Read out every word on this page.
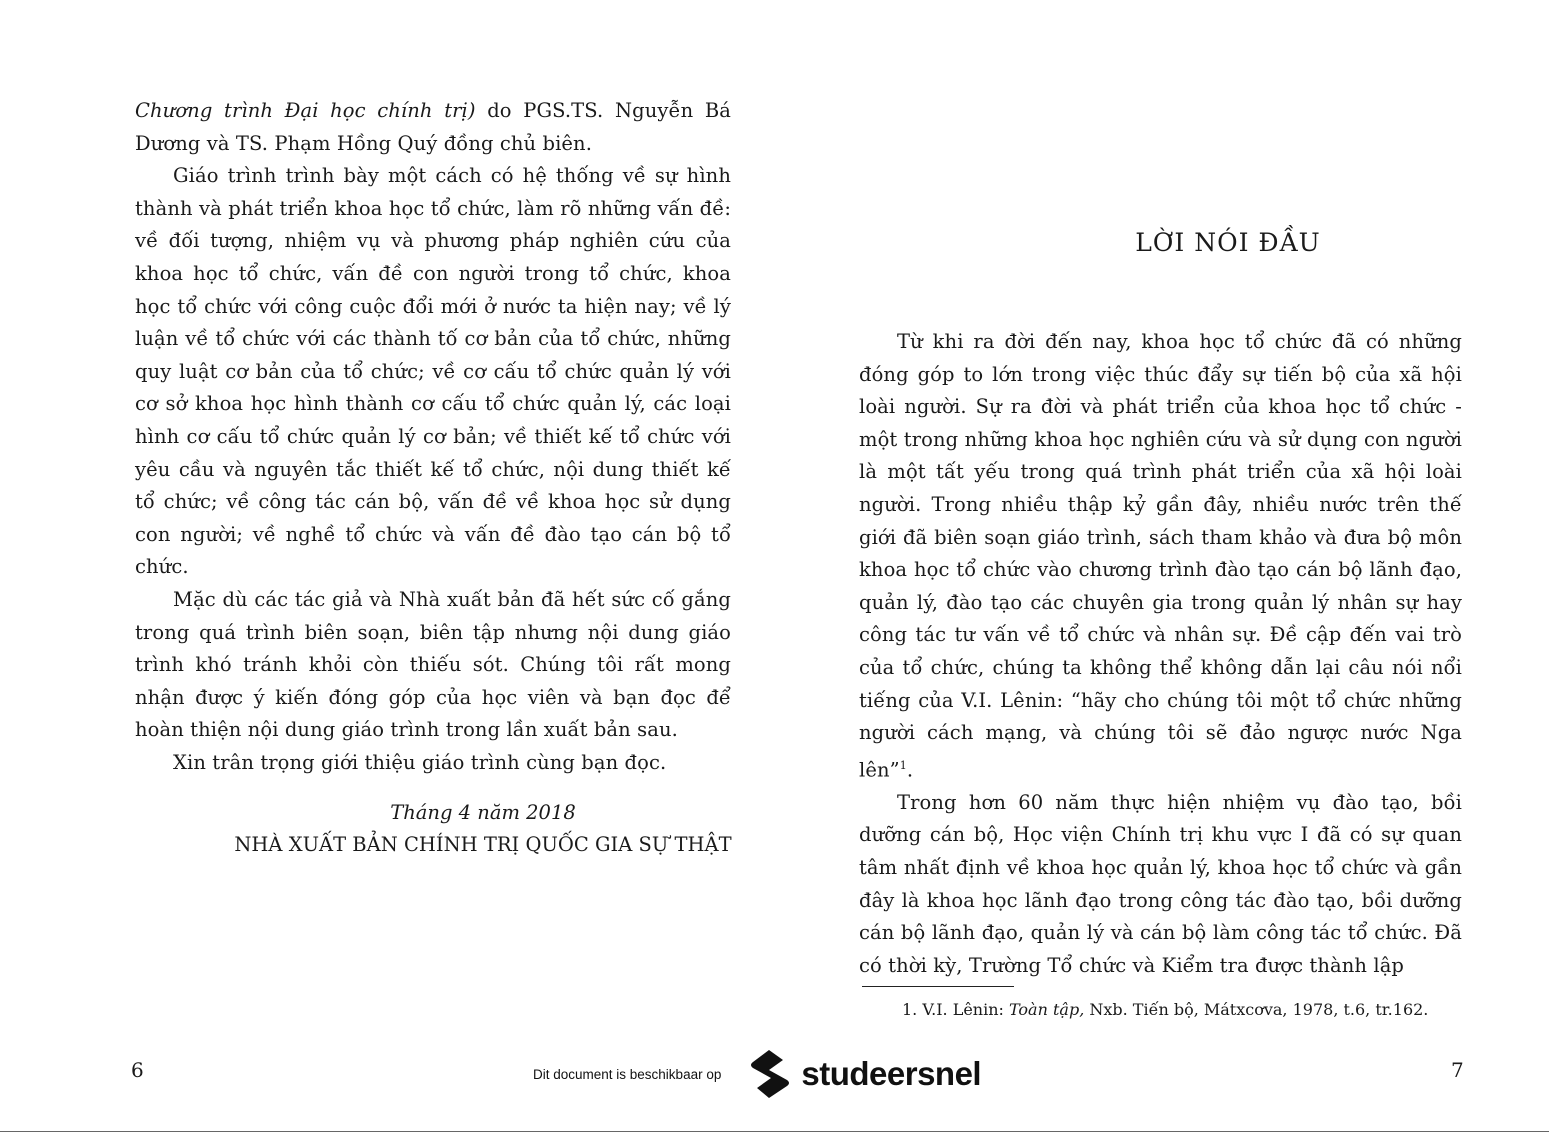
Chương trình Đại học chính trị) do PGS.TS. Nguyễn Bá Dương và TS. Phạm Hồng Quý đồng chủ biên.

Giáo trình trình bày một cách có hệ thống về sự hình thành và phát triển khoa học tổ chức, làm rõ những vấn đề: về đối tượng, nhiệm vụ và phương pháp nghiên cứu của khoa học tổ chức, vấn đề con người trong tổ chức, khoa học tổ chức với công cuộc đổi mới ở nước ta hiện nay; về lý luận về tổ chức với các thành tố cơ bản của tổ chức, những quy luật cơ bản của tổ chức; về cơ cấu tổ chức quản lý với cơ sở khoa học hình thành cơ cấu tổ chức quản lý, các loại hình cơ cấu tổ chức quản lý cơ bản; về thiết kế tổ chức với yêu cầu và nguyên tắc thiết kế tổ chức, nội dung thiết kế tổ chức; về công tác cán bộ, vấn đề về khoa học sử dụng con người; về nghề tổ chức và vấn đề đào tạo cán bộ tổ chức.

Mặc dù các tác giả và Nhà xuất bản đã hết sức cố gắng trong quá trình biên soạn, biên tập nhưng nội dung giáo trình khó tránh khỏi còn thiếu sót. Chúng tôi rất mong nhận được ý kiến đóng góp của học viên và bạn đọc để hoàn thiện nội dung giáo trình trong lần xuất bản sau.

Xin trân trọng giới thiệu giáo trình cùng bạn đọc.

Tháng 4 năm 2018
NHÀ XUẤT BẢN CHÍNH TRỊ QUỐC GIA SỰ THẬT
6
LỜI NÓI ĐẦU

Từ khi ra đời đến nay, khoa học tổ chức đã có những đóng góp to lớn trong việc thúc đẩy sự tiến bộ của xã hội loài người. Sự ra đời và phát triển của khoa học tổ chức - một trong những khoa học nghiên cứu và sử dụng con người là một tất yếu trong quá trình phát triển của xã hội loài người. Trong nhiều thập kỷ gần đây, nhiều nước trên thế giới đã biên soạn giáo trình, sách tham khảo và đưa bộ môn khoa học tổ chức vào chương trình đào tạo cán bộ lãnh đạo, quản lý, đào tạo các chuyên gia trong quản lý nhân sự hay công tác tư vấn về tổ chức và nhân sự. Đề cập đến vai trò của tổ chức, chúng ta không thể không dẫn lại câu nói nổi tiếng của V.I. Lênin: “hãy cho chúng tôi một tổ chức những người cách mạng, và chúng tôi sẽ đảo ngược nước Nga lên”$^1$.

Trong hơn 60 năm thực hiện nhiệm vụ đào tạo, bồi dưỡng cán bộ, Học viện Chính trị khu vực I đã có sự quan tâm nhất định về khoa học quản lý, khoa học tổ chức và gần đây là khoa học lãnh đạo trong công tác đào tạo, bồi dưỡng cán bộ lãnh đạo, quản lý và cán bộ làm công tác tổ chức. Đã có thời kỳ, Trường Tổ chức và Kiểm tra được thành lập

7
1. V.I. Lênin: Toàn tập, Nxb. Tiến bộ, Mátxcơva, 1978, t.6, tr.162.
Dit document is beschikbaar op studeersnel
